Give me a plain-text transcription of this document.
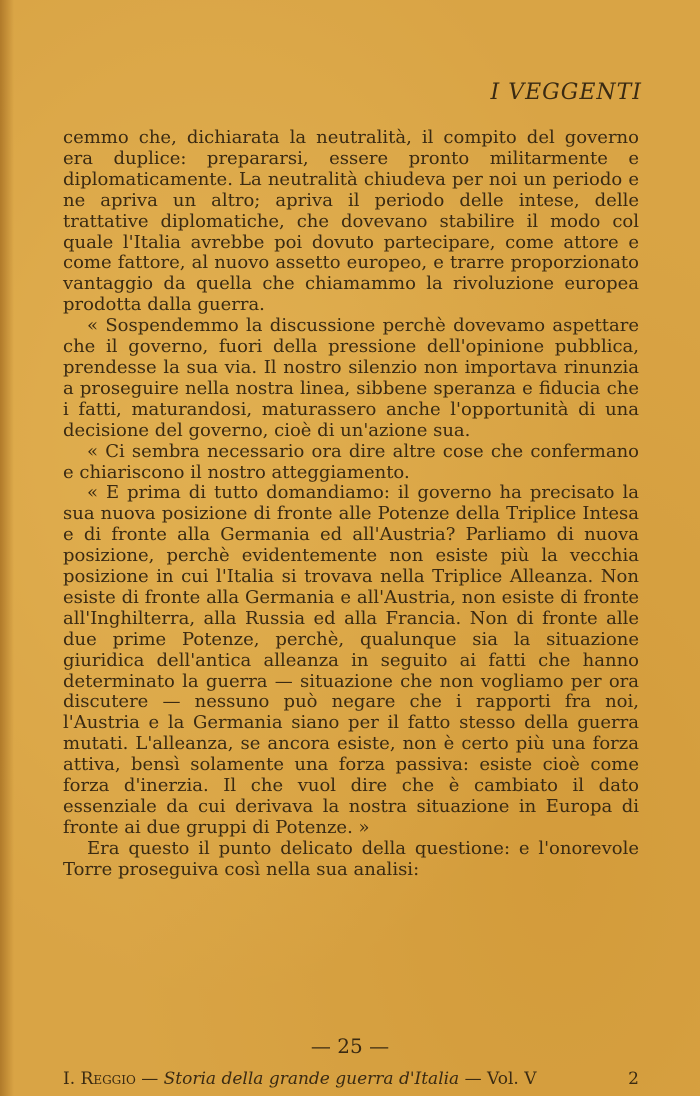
I VEGGENTI

cemmo che, dichiarata la neutralità, il compito del governo era duplice: prepararsi, essere pronto militarmente e diplomaticamente. La neutralità chiudeva per noi un periodo e ne apriva un altro; apriva il periodo delle intese, delle trattative diplomatiche, che dovevano stabilire il modo col quale l'Italia avrebbe poi dovuto partecipare, come attore e come fattore, al nuovo assetto europeo, e trarre proporzionato vantaggio da quella che chiamammo la rivoluzione europea prodotta dalla guerra.

« Sospendemmo la discussione perchè dovevamo aspettare che il governo, fuori della pressione dell'opinione pubblica, prendesse la sua via. Il nostro silenzio non importava rinunzia a proseguire nella nostra linea, sibbene speranza e fiducia che i fatti, maturandosi, maturassero anche l'opportunità di una decisione del governo, cioè di un'azione sua.

« Ci sembra necessario ora dire altre cose che confermano e chiariscono il nostro atteggiamento.

« E prima di tutto domandiamo: il governo ha precisato la sua nuova posizione di fronte alle Potenze della Triplice Intesa e di fronte alla Germania ed all'Austria? Parliamo di nuova posizione, perchè evidentemente non esiste più la vecchia posizione in cui l'Italia si trovava nella Triplice Alleanza. Non esiste di fronte alla Germania e all'Austria, non esiste di fronte all'Inghilterra, alla Russia ed alla Francia. Non di fronte alle due prime Potenze, perchè, qualunque sia la situazione giuridica dell'antica alleanza in seguito ai fatti che hanno determinato la guerra — situazione che non vogliamo per ora discutere — nessuno può negare che i rapporti fra noi, l'Austria e la Germania siano per il fatto stesso della guerra mutati. L'alleanza, se ancora esiste, non è certo più una forza attiva, bensì solamente una forza passiva: esiste cioè come forza d'inerzia. Il che vuol dire che è cambiato il dato essenziale da cui derivava la nostra situazione in Europa di fronte ai due gruppi di Potenze. »

Era questo il punto delicato della questione: e l'onorevole Torre proseguiva così nella sua analisi:

— 25 —
I. Reggio — Storia della grande guerra d'Italia — Vol. V	2
